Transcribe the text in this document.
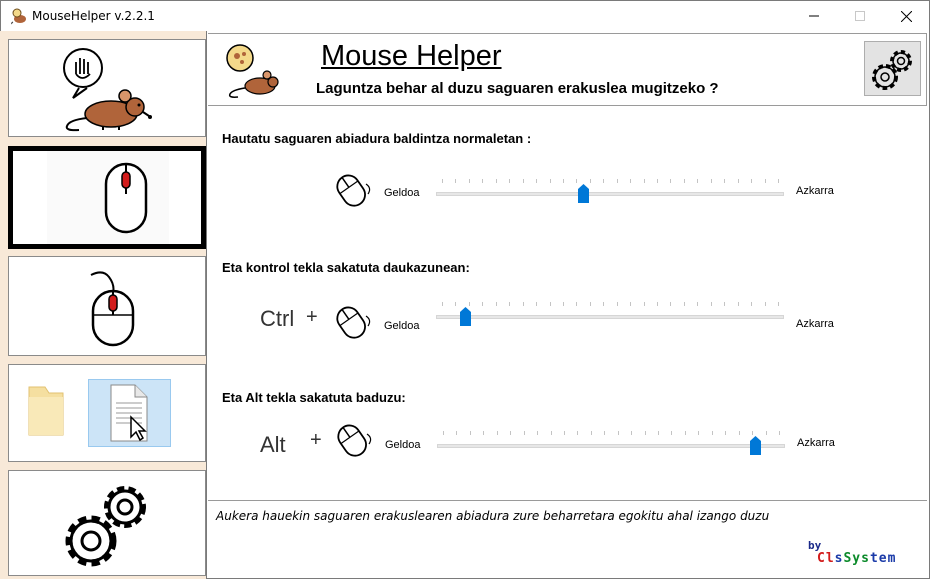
MouseHelper v.2.2.1
Mouse Helper
Laguntza behar al duzu saguaren erakuslea mugitzeko ?
Hautatu saguaren abiadura baldintza normaletan :
Geldoa	Azkarra
Eta kontrol tekla sakatuta daukazunean:
Ctrl +	Geldoa	Azkarra
Eta Alt tekla sakatuta baduzu:
Alt +	Geldoa	Azkarra
Aukera hauekin saguaren erakuslearen abiadura zure beharretara egokitu ahal izango duzu
by
ClsSystem
